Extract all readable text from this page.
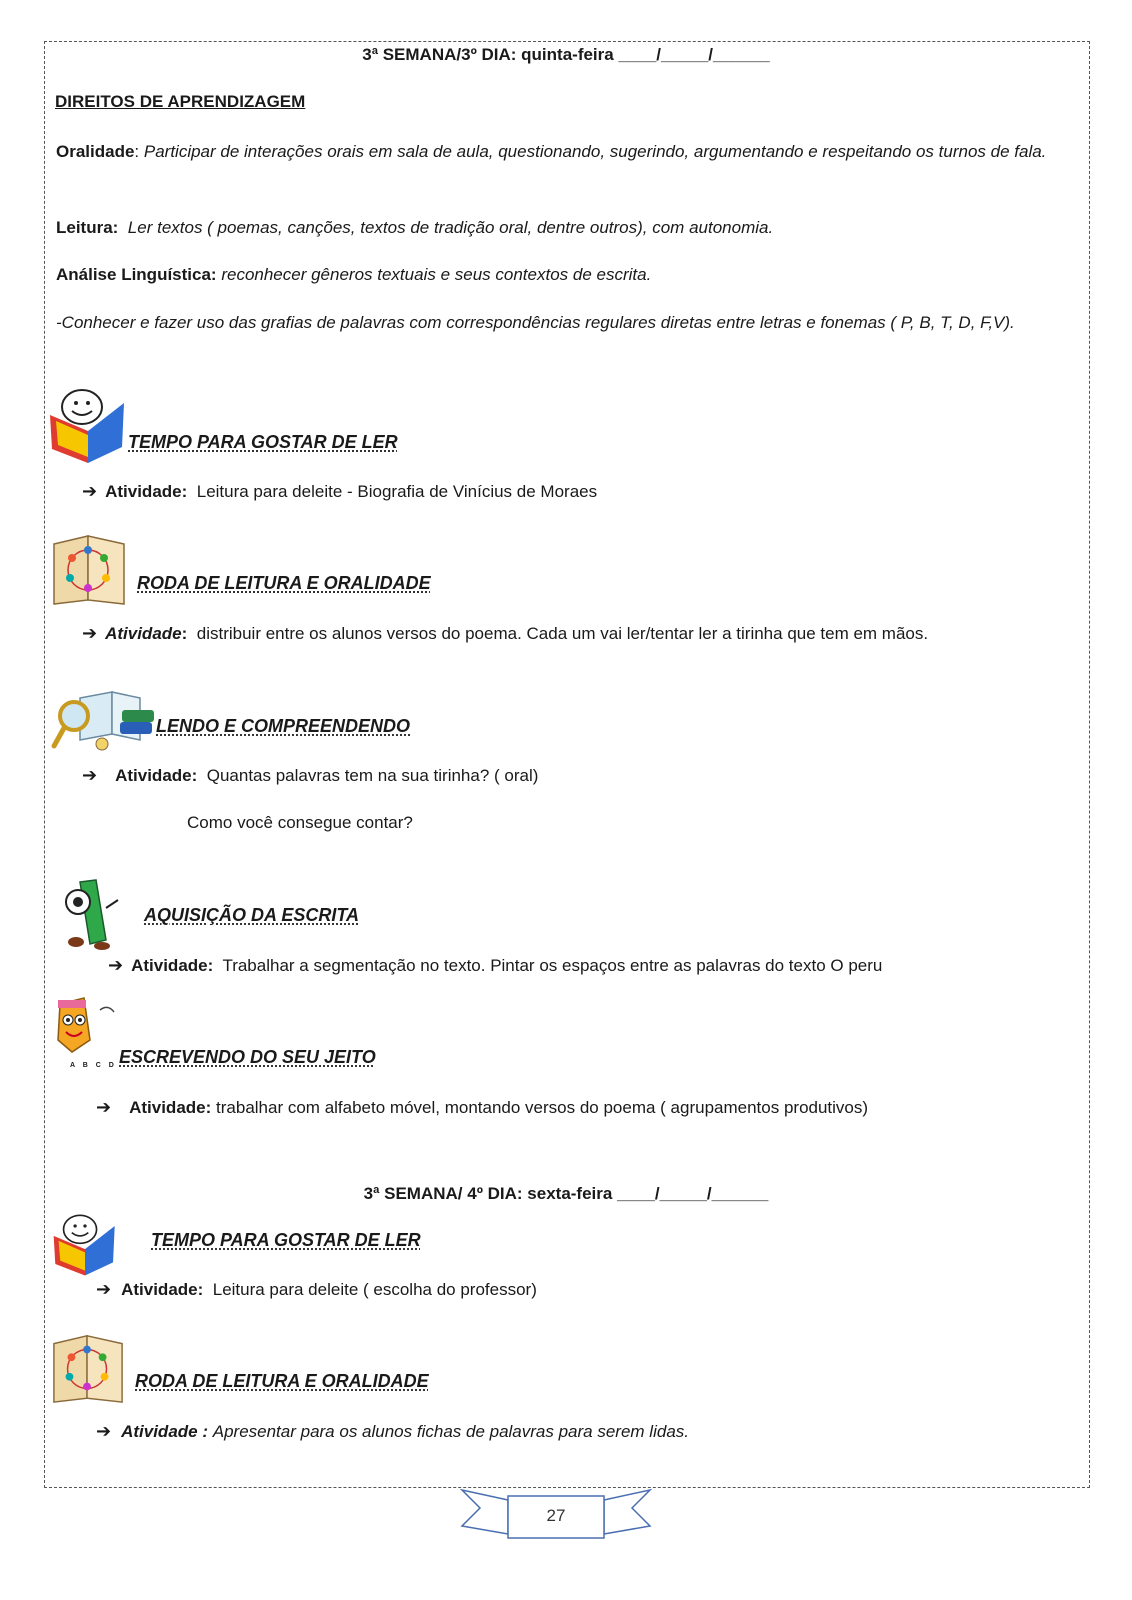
3ª SEMANA/3º DIA: quinta-feira ____/_____/______
DIREITOS DE APRENDIZAGEM
Oralidade: Participar de interações orais em sala de aula, questionando, sugerindo, argumentando e respeitando os turnos de fala.
Leitura: Ler textos ( poemas, canções, textos de tradição oral, dentre outros), com autonomia.
Análise Linguística: reconhecer gêneros textuais e seus contextos de escrita.
-Conhecer e fazer uso das grafias de palavras com correspondências regulares diretas entre letras e fonemas ( P, B, T, D, F,V).
TEMPO PARA GOSTAR DE LER
➔ Atividade: Leitura para deleite - Biografia de Vinícius de Moraes
RODA DE LEITURA E ORALIDADE
➔ Atividade: distribuir entre os alunos versos do poema. Cada um vai ler/tentar ler a tirinha que tem em mãos.
LENDO E COMPREENDENDO
➔ Atividade: Quantas palavras tem na sua tirinha? ( oral)
Como você consegue contar?
AQUISIÇÃO DA ESCRITA
➔ Atividade: Trabalhar a segmentação no texto. Pintar os espaços entre as palavras do texto O peru
A B C D ESCREVENDO DO SEU JEITO
➔ Atividade: trabalhar com alfabeto móvel, montando versos do poema ( agrupamentos produtivos)
3ª SEMANA/ 4º DIA: sexta-feira ____/_____/______
TEMPO PARA GOSTAR DE LER
➔ Atividade: Leitura para deleite ( escolha do professor)
RODA DE LEITURA E ORALIDADE
➔ Atividade : Apresentar para os alunos fichas de palavras para serem lidas.
27
